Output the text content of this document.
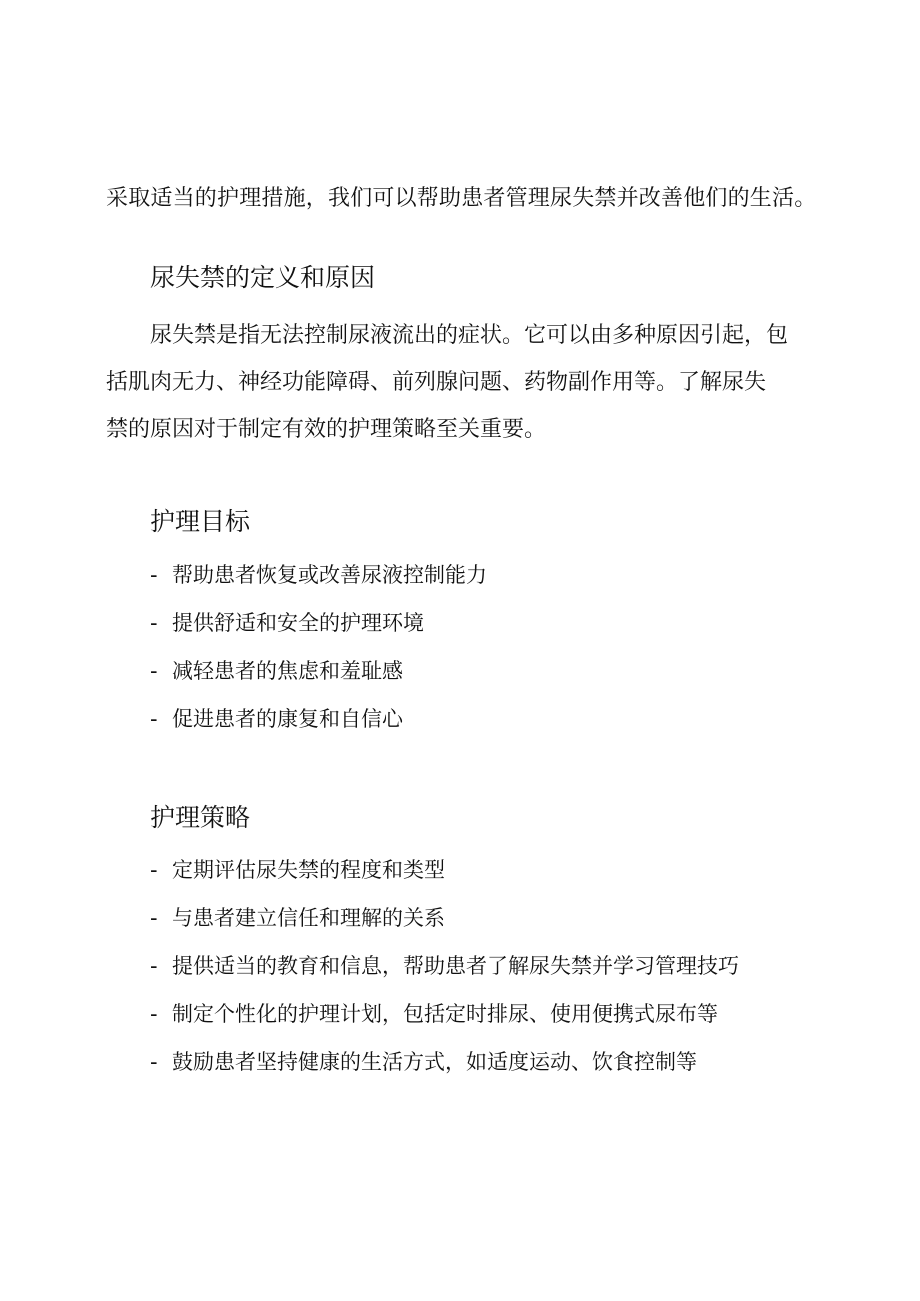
采取适当的护理措施，我们可以帮助患者管理尿失禁并改善他们的生活。
尿失禁的定义和原因
尿失禁是指无法控制尿液流出的症状。它可以由多种原因引起，包
括肌肉无力、神经功能障碍、前列腺问题、药物副作用等。了解尿失
禁的原因对于制定有效的护理策略至关重要。
护理目标
- 帮助患者恢复或改善尿液控制能力
- 提供舒适和安全的护理环境
- 减轻患者的焦虑和羞耻感
- 促进患者的康复和自信心
护理策略
- 定期评估尿失禁的程度和类型
- 与患者建立信任和理解的关系
- 提供适当的教育和信息，帮助患者了解尿失禁并学习管理技巧
- 制定个性化的护理计划，包括定时排尿、使用便携式尿布等
- 鼓励患者坚持健康的生活方式，如适度运动、饮食控制等
